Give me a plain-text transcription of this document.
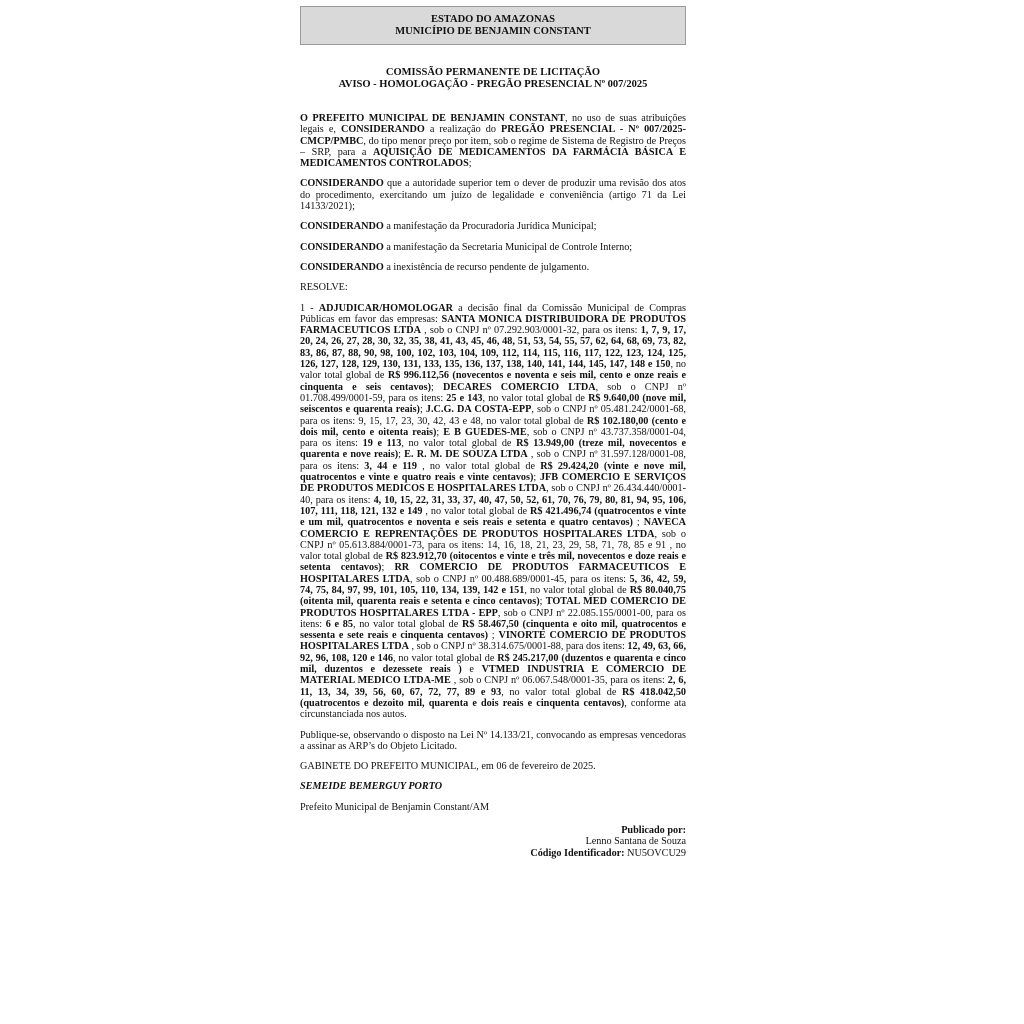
ESTADO DO AMAZONAS
MUNICÍPIO DE BENJAMIN CONSTANT
COMISSÃO PERMANENTE DE LICITAÇÃO
AVISO - HOMOLOGAÇÃO - PREGÃO PRESENCIAL Nº 007/2025

O PREFEITO MUNICIPAL DE BENJAMIN CONSTANT, no uso de suas atribuições legais e, CONSIDERANDO a realização do PREGÃO PRESENCIAL - Nº 007/2025-CMCP/PMBC, do tipo menor preço por item, sob o regime de Sistema de Registro de Preços – SRP, para a AQUISIÇÃO DE MEDICAMENTOS DA FARMÁCIA BÁSICA E MEDICAMENTOS CONTROLADOS;

CONSIDERANDO que a autoridade superior tem o dever de produzir uma revisão dos atos do procedimento, exercitando um juízo de legalidade e conveniência (artigo 71 da Lei 14133/2021);

CONSIDERANDO a manifestação da Procuradoria Jurídica Municipal;

CONSIDERANDO a manifestação da Secretaria Municipal de Controle Interno;

CONSIDERANDO a inexistência de recurso pendente de julgamento.

RESOLVE:

1 - ADJUDICAR/HOMOLOGAR a decisão final da Comissão Municipal de Compras Públicas em favor das empresas: SANTA MONICA DISTRIBUIDORA DE PRODUTOS FARMACEUTICOS LTDA , sob o CNPJ nº 07.292.903/0001-32, para os itens: 1, 7, 9, 17, 20, 24, 26, 27, 28, 30, 32, 35, 38, 41, 43, 45, 46, 48, 51, 53, 54, 55, 57, 62, 64, 68, 69, 73, 82, 83, 86, 87, 88, 90, 98, 100, 102, 103, 104, 109, 112, 114, 115, 116, 117, 122, 123, 124, 125, 126, 127, 128, 129, 130, 131, 133, 135, 136, 137, 138, 140, 141, 144, 145, 147, 148 e 150, no valor total global de R$ 996.112,56 (novecentos e noventa e seis mil, cento e onze reais e cinquenta e seis centavos); DECARES COMERCIO LTDA, sob o CNPJ nº 01.708.499/0001-59, para os itens: 25 e 143, no valor total global de R$ 9.640,00 (nove mil, seiscentos e quarenta reais); J.C.G. DA COSTA-EPP, sob o CNPJ nº 05.481.242/0001-68, para os itens: 9, 15, 17, 23, 30, 42, 43 e 48, no valor total global de R$ 102.180,00 (cento e dois mil, cento e oitenta reais); E B GUEDES-ME, sob o CNPJ nº 43.737.358/0001-04, para os itens: 19 e 113, no valor total global de R$ 13.949,00 (treze mil, novecentos e quarenta e nove reais); E. R. M. DE SOUZA LTDA , sob o CNPJ nº 31.597.128/0001-08, para os itens: 3, 44 e 119 , no valor total global de R$ 29.424,20 (vinte e nove mil, quatrocentos e vinte e quatro reais e vinte centavos); JFB COMERCIO E SERVIÇOS DE PRODUTOS MEDICOS E HOSPITALARES LTDA, sob o CNPJ nº 26.434.440/0001-40, para os itens: 4, 10, 15, 22, 31, 33, 37, 40, 47, 50, 52, 61, 70, 76, 79, 80, 81, 94, 95, 106, 107, 111, 118, 121, 132 e 149 , no valor total global de R$ 421.496,74 (quatrocentos e vinte e um mil, quatrocentos e noventa e seis reais e setenta e quatro centavos) ; NAVECA COMERCIO E REPRENTAÇÕES DE PRODUTOS HOSPITALARES LTDA, sob o CNPJ nº 05.613.884/0001-73, para os itens: 14, 16, 18, 21, 23, 29, 58, 71, 78, 85 e 91 , no valor total global de R$ 823.912,70 (oitocentos e vinte e três mil, novecentos e doze reais e setenta centavos); RR COMERCIO DE PRODUTOS FARMACEUTICOS E HOSPITALARES LTDA, sob o CNPJ nº 00.488.689/0001-45, para os itens: 5, 36, 42, 59, 74, 75, 84, 97, 99, 101, 105, 110, 134, 139, 142 e 151, no valor total global de R$ 80.040,75 (oitenta mil, quarenta reais e setenta e cinco centavos); TOTAL MED COMERCIO DE PRODUTOS HOSPITALARES LTDA - EPP, sob o CNPJ nº 22.085.155/0001-00, para os itens: 6 e 85, no valor total global de R$ 58.467,50 (cinquenta e oito mil, quatrocentos e sessenta e sete reais e cinquenta centavos) ; VINORTE COMERCIO DE PRODUTOS HOSPITALARES LTDA , sob o CNPJ nº 38.314.675/0001-88, para dos itens: 12, 49, 63, 66, 92, 96, 108, 120 e 146, no valor total global de R$ 245.217,00 (duzentos e quarenta e cinco mil, duzentos e dezessete reais ) e VTMED INDUSTRIA E COMERCIO DE MATERIAL MEDICO LTDA-ME , sob o CNPJ nº 06.067.548/0001-35, para os itens: 2, 6, 11, 13, 34, 39, 56, 60, 67, 72, 77, 89 e 93, no valor total global de R$ 418.042,50 (quatrocentos e dezoito mil, quarenta e dois reais e cinquenta centavos), conforme ata circunstanciada nos autos.

Publique-se, observando o disposto na Lei Nº 14.133/21, convocando as empresas vencedoras a assinar as ARP’s do Objeto Licitado.

GABINETE DO PREFEITO MUNICIPAL, em 06 de fevereiro de 2025.

SEMEIDE BEMERGUY PORTO

Prefeito Municipal de Benjamin Constant/AM

Publicado por:
Lenno Santana de Souza
Código Identificador: NU5OVCU29
